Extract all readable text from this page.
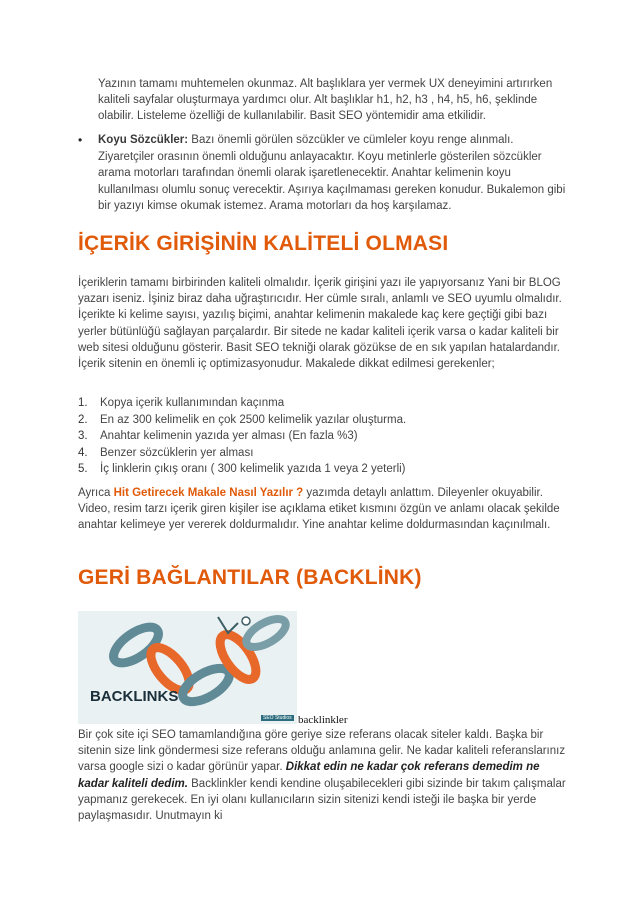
Yazının tamamı muhtemelen okunmaz. Alt başlıklara yer vermek UX deneyimini artırırken kaliteli sayfalar oluşturmaya yardımcı olur. Alt başlıklar h1, h2, h3 , h4, h5, h6, şeklinde olabilir. Listeleme özelliği de kullanılabilir. Basit SEO yöntemidir ama etkilidir.

• Koyu Sözcükler: Bazı önemli görülen sözcükler ve cümleler koyu renge alınmalı. Ziyaretçiler orasının önemli olduğunu anlayacaktır. Koyu metinlerle gösterilen sözcükler arama motorları tarafından önemli olarak işaretlenecektir. Anahtar kelimenin koyu kullanılması olumlu sonuç verecektir. Aşırıya kaçılmaması gereken konudur. Bukalemon gibi bir yazıyı kimse okumak istemez. Arama motorları da hoş karşılamaz.
İÇERİK GİRİŞİNİN KALİTELİ OLMASI

İçeriklerin tamamı birbirinden kaliteli olmalıdır. İçerik girişini yazı ile yapıyorsanız Yani bir BLOG yazarı iseniz. İşiniz biraz daha uğraştırıcıdır. Her cümle sıralı, anlamlı ve SEO uyumlu olmalıdır. İçerikte ki kelime sayısı, yazılış biçimi, anahtar kelimenin makalede kaç kere geçtiği gibi bazı yerler bütünlüğü sağlayan parçalardır. Bir sitede ne kadar kaliteli içerik varsa o kadar kaliteli bir web sitesi olduğunu gösterir. Basit SEO tekniği olarak gözükse de en sık yapılan hatalardandır. İçerik sitenin en önemli iç optimizasyonudur. Makalede dikkat edilmesi gerekenler;

1. Kopya içerik kullanımından kaçınma
2. En az 300 kelimelik en çok 2500 kelimelik yazılar oluşturma.
3. Anahtar kelimenin yazıda yer alması (En fazla %3)
4. Benzer sözcüklerin yer alması
5. İç linklerin çıkış oranı ( 300 kelimelik yazıda 1 veya 2 yeterli)

Ayrıca Hit Getirecek Makale Nasıl Yazılır ? yazımda detaylı anlattım. Dileyenler okuyabilir. Video, resim tarzı içerik giren kişiler ise açıklama etiket kısmını özgün ve anlamı olacak şekilde anahtar kelimeye yer vererek doldurmalıdır. Yine anahtar kelime doldurmasından kaçınılmalı.

GERİ BAĞLANTILAR (BACKLİNK)
BACKLINKS
SEO Studios backlinkler

Bir çok site içi SEO tamamlandığına göre geriye size referans olacak siteler kaldı. Başka bir sitenin size link göndermesi size referans olduğu anlamına gelir. Ne kadar kaliteli referanslarınız varsa google sizi o kadar görünür yapar. Dikkat edin ne kadar çok referans demedim ne kadar kaliteli dedim. Backlinkler kendi kendine oluşabilecekleri gibi sizinde bir takım çalışmalar yapmanız gerekecek. En iyi olanı kullanıcıların sizin sitenizi kendi isteği ile başka bir yerde paylaşmasıdır. Unutmayın ki
